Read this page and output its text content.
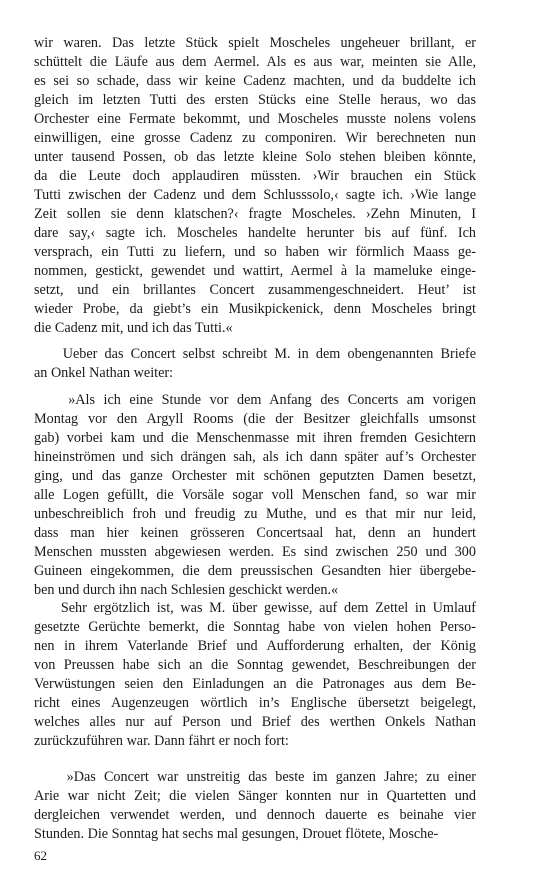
wir waren. Das letzte Stück spielt Moscheles ungeheuer brillant, er
schüttelt die Läufe aus dem Aermel. Als es aus war, meinten sie Alle,
es sei so schade, dass wir keine Cadenz machten, und da buddelte ich
gleich im letzten Tutti des ersten Stücks eine Stelle heraus, wo das
Orchester eine Fermate bekommt, und Moscheles musste nolens volens
einwilligen, eine grosse Cadenz zu componiren. Wir berechneten nun
unter tausend Possen, ob das letzte kleine Solo stehen bleiben könnte,
da die Leute doch applaudiren müssten. ›Wir brauchen ein Stück
Tutti zwischen der Cadenz und dem Schlusssolo,‹ sagte ich. ›Wie lange
Zeit sollen sie denn klatschen?‹ fragte Moscheles. ›Zehn Minuten, I
dare say,‹ sagte ich. Moscheles handelte herunter bis auf fünf. Ich
versprach, ein Tutti zu liefern, und so haben wir förmlich Maass ge-
nommen, gestickt, gewendet und wattirt, Aermel à la mameluke einge-
setzt, und ein brillantes Concert zusammengeschneidert. Heut’ ist
wieder Probe, da giebt’s ein Musikpickenick, denn Moscheles bringt
die Cadenz mit, und ich das Tutti.«
Ueber das Concert selbst schreibt M. in dem obengenannten Briefe
an Onkel Nathan weiter:
»Als ich eine Stunde vor dem Anfang des Concerts am vorigen
Montag vor den Argyll Rooms (die der Besitzer gleichfalls umsonst
gab) vorbei kam und die Menschenmasse mit ihren fremden Gesichtern
hineinströmen und sich drängen sah, als ich dann später auf’s Orchester
ging, und das ganze Orchester mit schönen geputzten Damen besetzt,
alle Logen gefüllt, die Vorsäle sogar voll Menschen fand, so war mir
unbeschreiblich froh und freudig zu Muthe, und es that mir nur leid,
dass man hier keinen grösseren Concertsaal hat, denn an hundert
Menschen mussten abgewiesen werden. Es sind zwischen 250 und 300
Guineen eingekommen, die dem preussischen Gesandten hier übergebe-
ben und durch ihn nach Schlesien geschickt werden.«
Sehr ergötzlich ist, was M. über gewisse, auf dem Zettel in Umlauf
gesetzte Gerüchte bemerkt, die Sonntag habe von vielen hohen Perso-
nen in ihrem Vaterlande Brief und Aufforderung erhalten, der König
von Preussen habe sich an die Sonntag gewendet, Beschreibungen der
Verwüstungen seien den Einladungen an die Patronages aus dem Be-
richt eines Augenzeugen wörtlich in’s Englische übersetzt beigelegt,
welches alles nur auf Person und Brief des werthen Onkels Nathan
zurückzuführen war. Dann fährt er noch fort:
»Das Concert war unstreitig das beste im ganzen Jahre; zu einer
Arie war nicht Zeit; die vielen Sänger konnten nur in Quartetten und
dergleichen verwendet werden, und dennoch dauerte es beinahe vier
Stunden. Die Sonntag hat sechs mal gesungen, Drouet flötete, Mosche-
62
